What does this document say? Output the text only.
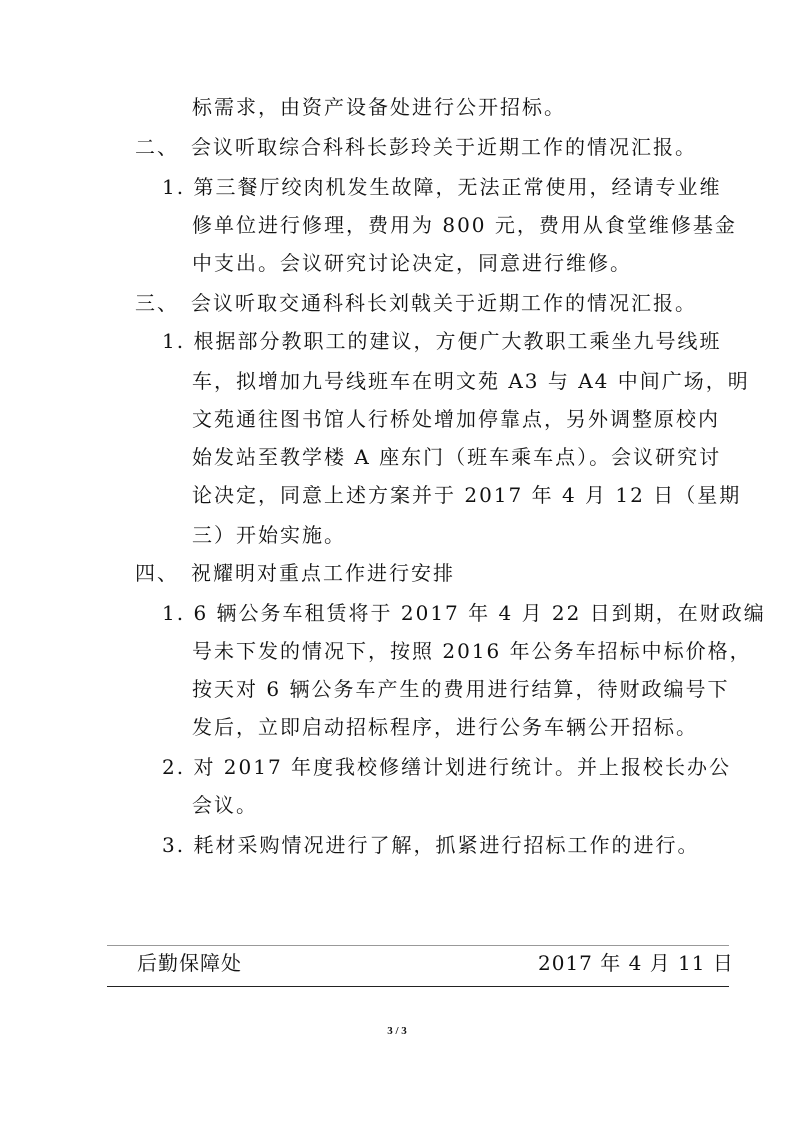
标需求，由资产设备处进行公开招标。
二、　会议听取综合科科长彭玲关于近期工作的情况汇报。
1. 第三餐厅绞肉机发生故障，无法正常使用，经请专业维
修单位进行修理，费用为 800 元，费用从食堂维修基金
中支出。会议研究讨论决定，同意进行维修。
三、　会议听取交通科科长刘戟关于近期工作的情况汇报。
1. 根据部分教职工的建议，方便广大教职工乘坐九号线班
车，拟增加九号线班车在明文苑 A3 与 A4 中间广场，明
文苑通往图书馆人行桥处增加停靠点，另外调整原校内
始发站至教学楼 A 座东门（班车乘车点）。会议研究讨
论决定，同意上述方案并于 2017 年 4 月 12 日（星期
三）开始实施。
四、　祝耀明对重点工作进行安排
1. 6 辆公务车租赁将于 2017 年 4 月 22 日到期，在财政编
号未下发的情况下，按照 2016 年公务车招标中标价格，
按天对 6 辆公务车产生的费用进行结算，待财政编号下
发后，立即启动招标程序，进行公务车辆公开招标。
2. 对 2017 年度我校修缮计划进行统计。并上报校长办公
会议。
3. 耗材采购情况进行了解，抓紧进行招标工作的进行。
后勤保障处	2017 年 4 月 11 日
3 / 3
